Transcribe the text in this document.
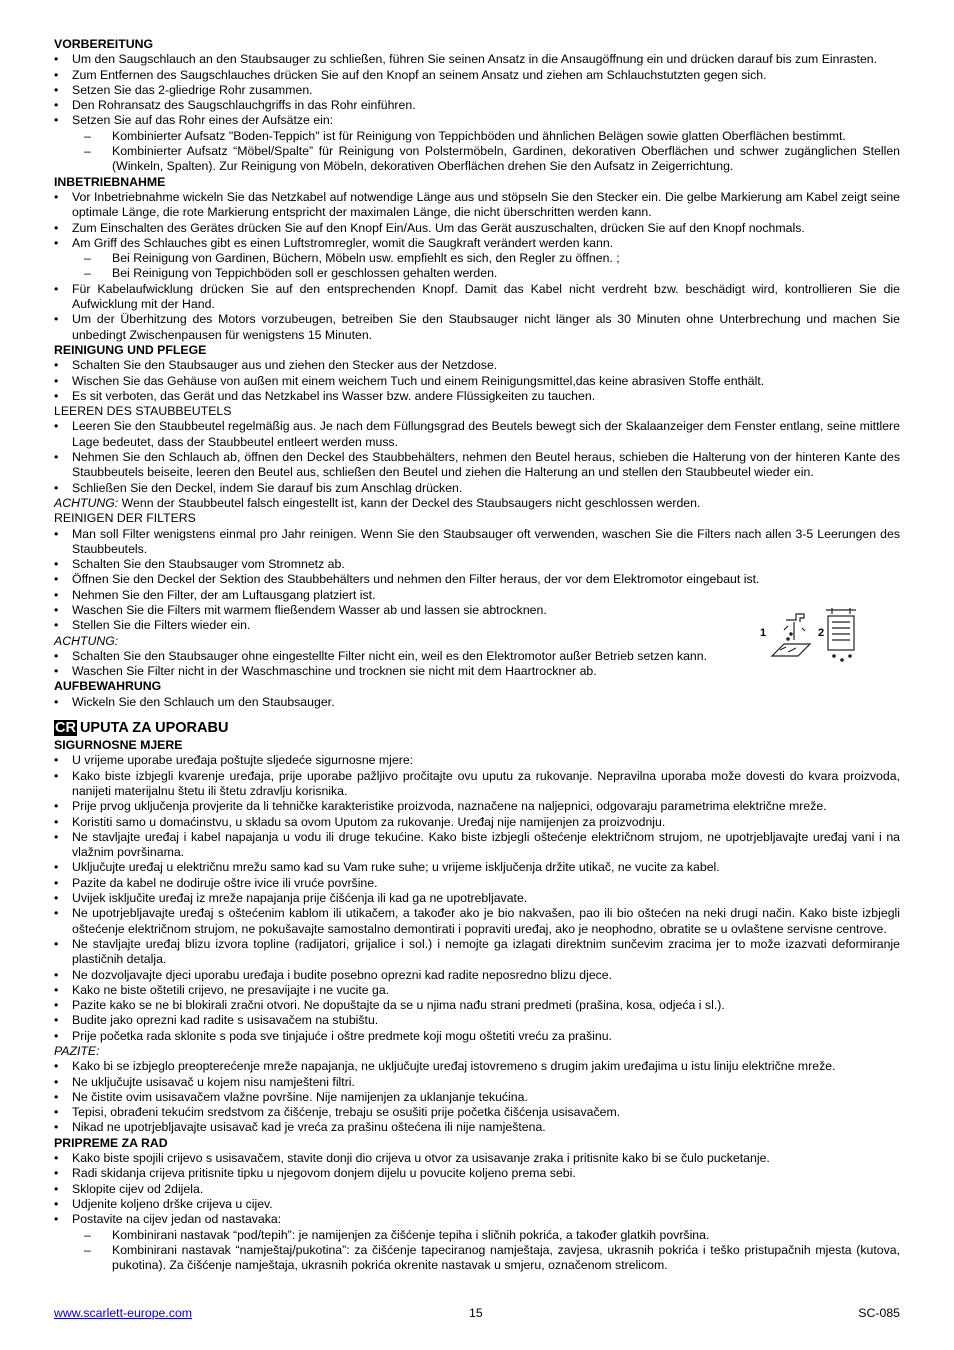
VORBEREITUNG
• Um den Saugschlauch an den Staubsauger zu schließen, führen Sie seinen Ansatz in die Ansaugöffnung ein und drücken darauf bis zum Einrasten.
• Zum Entfernen des Saugschlauches drücken Sie auf den Knopf an seinem Ansatz und ziehen am Schlauchstutzten gegen sich.
• Setzen Sie das 2-gliedrige Rohr zusammen.
• Den Rohransatz des Saugschlauchgriffs in das Rohr einführen.
• Setzen Sie auf das Rohr eines der Aufsätze ein:
– Kombinierter Aufsatz "Boden-Teppich" ist für Reinigung von Teppichböden und ähnlichen Belägen sowie glatten Oberflächen bestimmt.
– Kombinierter Aufsatz “Möbel/Spalte” für Reinigung von Polstermöbeln, Gardinen, dekorativen Oberflächen und schwer zugänglichen Stellen (Winkeln, Spalten). Zur Reinigung von Möbeln, dekorativen Oberflächen drehen Sie den Aufsatz in Zeigerrichtung.
INBETRIEBNAHME
• Vor Inbetriebnahme wickeln Sie das Netzkabel auf notwendige Länge aus und stöpseln Sie den Stecker ein. Die gelbe Markierung am Kabel zeigt seine optimale Länge, die rote Markierung entspricht der maximalen Länge, die nicht überschritten werden kann.
• Zum Einschalten des Gerätes drücken Sie auf den Knopf Ein/Aus. Um das Gerät auszuschalten, drücken Sie auf den Knopf nochmals.
• Am Griff des Schlauches gibt es einen Luftstromregler, womit die Saugkraft verändert werden kann.
– Bei Reinigung von Gardinen, Büchern, Möbeln usw. empfiehlt es sich, den Regler zu öffnen. ;
– Bei Reinigung von Teppichböden soll er geschlossen gehalten werden.
• Für Kabelaufwicklung drücken Sie auf den entsprechenden Knopf. Damit das Kabel nicht verdreht bzw. beschädigt wird, kontrollieren Sie die Aufwicklung mit der Hand.
• Um der Überhitzung des Motors vorzubeugen, betreiben Sie den Staubsauger nicht länger als 30 Minuten ohne Unterbrechung und machen Sie unbedingt Zwischenpausen für wenigstens 15 Minuten.
REINIGUNG UND PFLEGE
• Schalten Sie den Staubsauger aus und ziehen den Stecker aus der Netzdose.
• Wischen Sie das Gehäuse von außen mit einem weichem Tuch und einem Reinigungsmittel,das keine abrasiven Stoffe enthält.
• Es sit verboten, das Gerät und das Netzkabel ins Wasser bzw. andere Flüssigkeiten zu tauchen.
LEEREN DES STAUBBEUTELS
• Leeren Sie den Staubbeutel regelmäßig aus. Je nach dem Füllungsgrad des Beutels bewegt sich der Skalaanzeiger dem Fenster entlang, seine mittlere Lage bedeutet, dass der Staubbeutel entleert werden muss.
• Nehmen Sie den Schlauch ab, öffnen den Deckel des Staubbehälters, nehmen den Beutel heraus, schieben die Halterung von der hinteren Kante des Staubbeutels beiseite, leeren den Beutel aus, schließen den Beutel und ziehen die Halterung an und stellen den Staubbeutel wieder ein.
• Schließen Sie den Deckel, indem Sie darauf bis zum Anschlag drücken.
ACHTUNG: Wenn der Staubbeutel falsch eingestellt ist, kann der Deckel des Staubsaugers nicht geschlossen werden.
REINIGEN DER FILTERS
• Man soll Filter wenigstens einmal pro Jahr reinigen. Wenn Sie den Staubsauger oft verwenden, waschen Sie die Filters nach allen 3-5 Leerungen des Staubbeutels.
• Schalten Sie den Staubsauger vom Stromnetz ab.
• Öffnen Sie den Deckel der Sektion des Staubbehälters und nehmen den Filter heraus, der vor dem Elektromotor eingebaut ist.
• Nehmen Sie den Filter, der am Luftausgang platziert ist.
• Waschen Sie die Filters mit warmem fließendem Wasser ab und lassen sie abtrocknen.
• Stellen Sie die Filters wieder ein.
ACHTUNG:
• Schalten Sie den Staubsauger ohne eingestellte Filter nicht ein, weil es den Elektromotor außer Betrieb setzen kann.
• Waschen Sie Filter nicht in der Waschmaschine und trocknen sie nicht mit dem Haartrockner ab.
AUFBEWAHRUNG
• Wickeln Sie den Schlauch um den Staubsauger.
CR UPUTA ZA UPORABU
SIGURNOSNE MJERE
• U vrijeme uporabe uređaja poštujte sljedeće sigurnosne mjere:
• Kako biste izbjegli kvarenje uređaja, prije uporabe pažljivo pročitajte ovu uputu za rukovanje. Nepravilna uporaba može dovesti do kvara proizvoda, nanijeti materijalnu štetu ili štetu zdravlju korisnika.
• Prije prvog uključenja provjerite da li tehničke karakteristike proizvoda, naznačene na naljepnici, odgovaraju parametrima električne mreže.
• Koristiti samo u domaćinstvu, u skladu sa ovom Uputom za rukovanje. Uređaj nije namijenjen za proizvodnju.
• Ne stavljajte uređaj i kabel napajanja u vodu ili druge tekućine. Kako biste izbjegli oštećenje električnom strujom, ne upotrjebljavajte uređaj vani i na vlažnim površinama.
• Uključujte uređaj u električnu mrežu samo kad su Vam ruke suhe; u vrijeme isključenja držite utikač, ne vucite za kabel.
• Pazite da kabel ne dodiruje oštre ivice ili vruće površine.
• Uvijek isključite uređaj iz mreže napajanja prije čišćenja ili kad ga ne upotrebljavate.
• Ne upotrjebljavajte uređaj s oštećenim kablom ili utikačem, a također ako je bio nakvašen, pao ili bio oštećen na neki drugi način. Kako biste izbjegli oštećenje električnom strujom, ne pokušavajte samostalno demontirati i popraviti uređaj, ako je neophodno, obratite se u ovlaštene servisne centrove.
• Ne stavljajte uređaj blizu izvora topline (radijatori, grijalice i sol.) i nemojte ga izlagati direktnim sunčevim zracima jer to može izazvati deformiranje plastičnih detalja.
• Ne dozvoljavajte djeci uporabu uređaja i budite posebno oprezni kad radite neposredno blizu djece.
• Kako ne biste oštetili crijevo, ne presavijajte i ne vucite ga.
• Pazite kako se ne bi blokirali zračni otvori. Ne dopuštajte da se u njima nađu strani predmeti (prašina, kosa, odjeća i sl.).
• Budite jako oprezni kad radite s usisavačem na stubištu.
• Prije početka rada sklonite s poda sve tinjajuće i oštre predmete koji mogu oštetiti vreću za prašinu.
PAZITE:
• Kako bi se izbjeglo preopterećenje mreže napajanja, ne uključujte uređaj istovremeno s drugim jakim uređajima u istu liniju električne mreže.
• Ne uključujte usisavač u kojem nisu namješteni filtri.
• Ne čistite ovim usisavačem vlažne površine. Nije namijenjen za uklanjanje tekućina.
• Tepisi, obrađeni tekućim sredstvom za čišćenje, trebaju se osušiti prije početka čišćenja usisavačem.
• Nikad ne upotrjebljavajte usisavač kad je vreća za prašinu oštećena ili nije namještena.
PRIPREME ZA RAD
• Kako biste spojili crijevo s usisavačem, stavite donji dio crijeva u otvor za usisavanje zraka i pritisnite kako bi se čulo pucketanje.
• Radi skidanja crijeva pritisnite tipku u njegovom donjem dijelu u povucite koljeno prema sebi.
• Sklopite cijev od 2dijela.
• Udjenite koljeno drške crijeva u cijev.
• Postavite na cijev jedan od nastavaka:
– Kombinirani nastavak “pod/tepih”: je namijenjen za čišćenje tepiha i sličnih pokrića, a također glatkih površina.
– Kombinirani nastavak “namještaj/pukotina”: za čišćenje tapeciranog namještaja, zavjesa, ukrasnih pokrića i teško pristupačnih mjesta (kutova, pukotina). Za čišćenje namještaja, ukrasnih pokrića okrenite nastavak u smjeru, označenom strelicom.
1	2
www.scarlett-europe.com	15	SC-085
